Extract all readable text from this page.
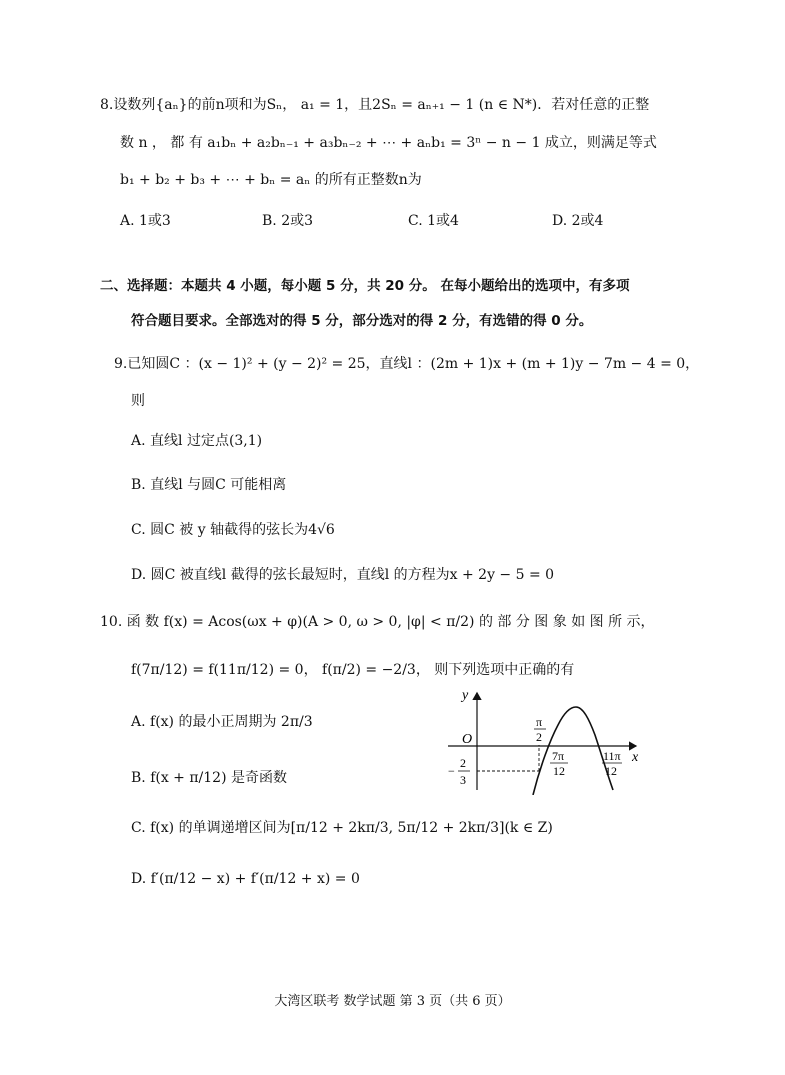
8.设数列{aₙ}的前n项和为Sₙ， a₁ = 1，且2Sₙ = aₙ₊₁ − 1 (n ∈ N*)．若对任意的正整
数 n ， 都 有 a₁bₙ + a₂bₙ₋₁ + a₃bₙ₋₂ + ⋯ + aₙb₁ = 3ⁿ − n − 1 成立，则满足等式
b₁ + b₂ + b₃ + ⋯ + bₙ = aₙ 的所有正整数n为
A. 1或3	B. 2或3	C. 1或4	D. 2或4
二、选择题：本题共 4 小题，每小题 5 分，共 20 分。 在每小题给出的选项中，有多项
符合题目要求。全部选对的得 5 分，部分选对的得 2 分，有选错的得 0 分。
9.已知圆C ：(x − 1)² + (y − 2)² = 25，直线l ：(2m + 1)x + (m + 1)y − 7m − 4 = 0，
则
A. 直线l 过定点(3,1)
B. 直线l 与圆C 可能相离
C. 圆C 被 y 轴截得的弦长为4√6
D. 圆C 被直线l 截得的弦长最短时，直线l 的方程为x + 2y − 5 = 0
10. 函 数 f(x) = Acos(ωx + φ)(A > 0, ω > 0, |φ| < π/2) 的 部 分 图 象 如 图 所 示，
f(7π/12) = f(11π/12) = 0， f(π/2) = −2/3， 则下列选项中正确的有
A. f(x) 的最小正周期为 2π/3
B. f(x + π/12) 是奇函数
C. f(x) 的单调递增区间为[π/12 + 2kπ/3, 5π/12 + 2kπ/3](k ∈ Z)
D. f′(π/12 − x) + f′(π/12 + x) = 0
y
x
O
π
2
7π
12
11π
12
−
2
3
大湾区联考 数学试题 第 3 页（共 6 页）
